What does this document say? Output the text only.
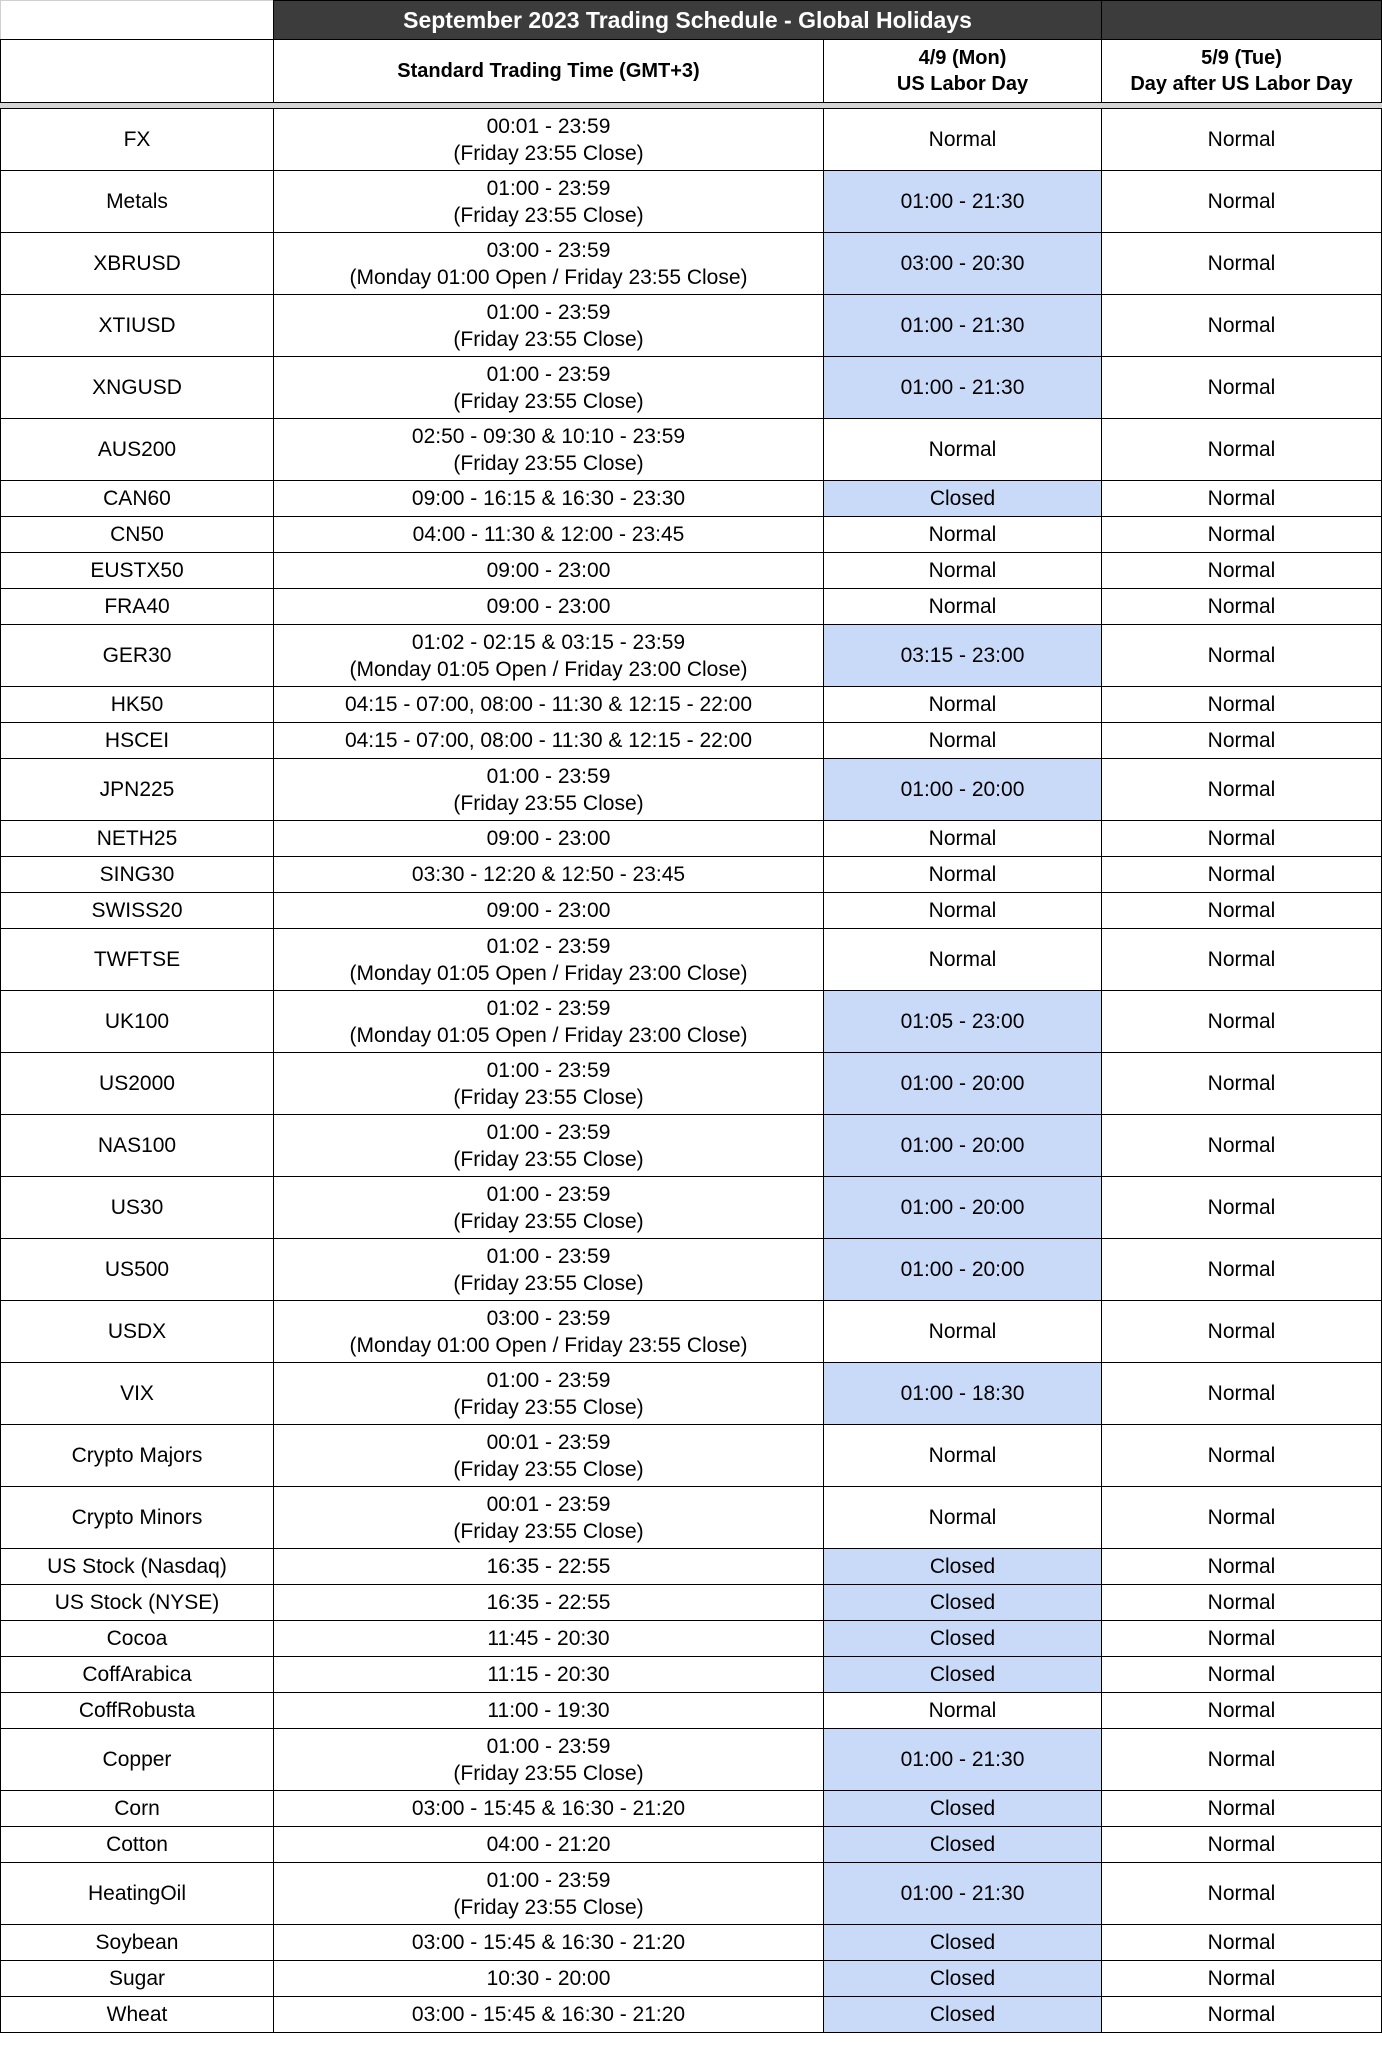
	September 2023 Trading Schedule - Global Holidays		
	Standard Trading Time (GMT+3)	4/9 (Mon)
US Labor Day	5/9 (Tue)
Day after US Labor Day

FX	00:01 - 23:59
(Friday 23:55 Close)	Normal	Normal
Metals	01:00 - 23:59
(Friday 23:55 Close)	01:00 - 21:30	Normal
XBRUSD	03:00 - 23:59
(Monday 01:00 Open / Friday 23:55 Close)	03:00 - 20:30	Normal
XTIUSD	01:00 - 23:59
(Friday 23:55 Close)	01:00 - 21:30	Normal
XNGUSD	01:00 - 23:59
(Friday 23:55 Close)	01:00 - 21:30	Normal
AUS200	02:50 - 09:30 & 10:10 - 23:59
(Friday 23:55 Close)	Normal	Normal
CAN60	09:00 - 16:15 & 16:30 - 23:30	Closed	Normal
CN50	04:00 - 11:30 & 12:00 - 23:45	Normal	Normal
EUSTX50	09:00 - 23:00	Normal	Normal
FRA40	09:00 - 23:00	Normal	Normal
GER30	01:02 - 02:15 & 03:15 - 23:59
(Monday 01:05 Open / Friday 23:00 Close)	03:15 - 23:00	Normal
HK50	04:15 - 07:00, 08:00 - 11:30 & 12:15 - 22:00	Normal	Normal
HSCEI	04:15 - 07:00, 08:00 - 11:30 & 12:15 - 22:00	Normal	Normal
JPN225	01:00 - 23:59
(Friday 23:55 Close)	01:00 - 20:00	Normal
NETH25	09:00 - 23:00	Normal	Normal
SING30	03:30 - 12:20 & 12:50 - 23:45	Normal	Normal
SWISS20	09:00 - 23:00	Normal	Normal
TWFTSE	01:02 - 23:59
(Monday 01:05 Open / Friday 23:00 Close)	Normal	Normal
UK100	01:02 - 23:59
(Monday 01:05 Open / Friday 23:00 Close)	01:05 - 23:00	Normal
US2000	01:00 - 23:59
(Friday 23:55 Close)	01:00 - 20:00	Normal
NAS100	01:00 - 23:59
(Friday 23:55 Close)	01:00 - 20:00	Normal
US30	01:00 - 23:59
(Friday 23:55 Close)	01:00 - 20:00	Normal
US500	01:00 - 23:59
(Friday 23:55 Close)	01:00 - 20:00	Normal
USDX	03:00 - 23:59
(Monday 01:00 Open / Friday 23:55 Close)	Normal	Normal
VIX	01:00 - 23:59
(Friday 23:55 Close)	01:00 - 18:30	Normal
Crypto Majors	00:01 - 23:59
(Friday 23:55 Close)	Normal	Normal
Crypto Minors	00:01 - 23:59
(Friday 23:55 Close)	Normal	Normal
US Stock (Nasdaq)	16:35 - 22:55	Closed	Normal
US Stock (NYSE)	16:35 - 22:55	Closed	Normal
Cocoa	11:45 - 20:30	Closed	Normal
CoffArabica	11:15 - 20:30	Closed	Normal
CoffRobusta	11:00 - 19:30	Normal	Normal
Copper	01:00 - 23:59
(Friday 23:55 Close)	01:00 - 21:30	Normal
Corn	03:00 - 15:45 & 16:30 - 21:20	Closed	Normal
Cotton	04:00 - 21:20	Closed	Normal
HeatingOil	01:00 - 23:59
(Friday 23:55 Close)	01:00 - 21:30	Normal
Soybean	03:00 - 15:45 & 16:30 - 21:20	Closed	Normal
Sugar	10:30 - 20:00	Closed	Normal
Wheat	03:00 - 15:45 & 16:30 - 21:20	Closed	Normal
